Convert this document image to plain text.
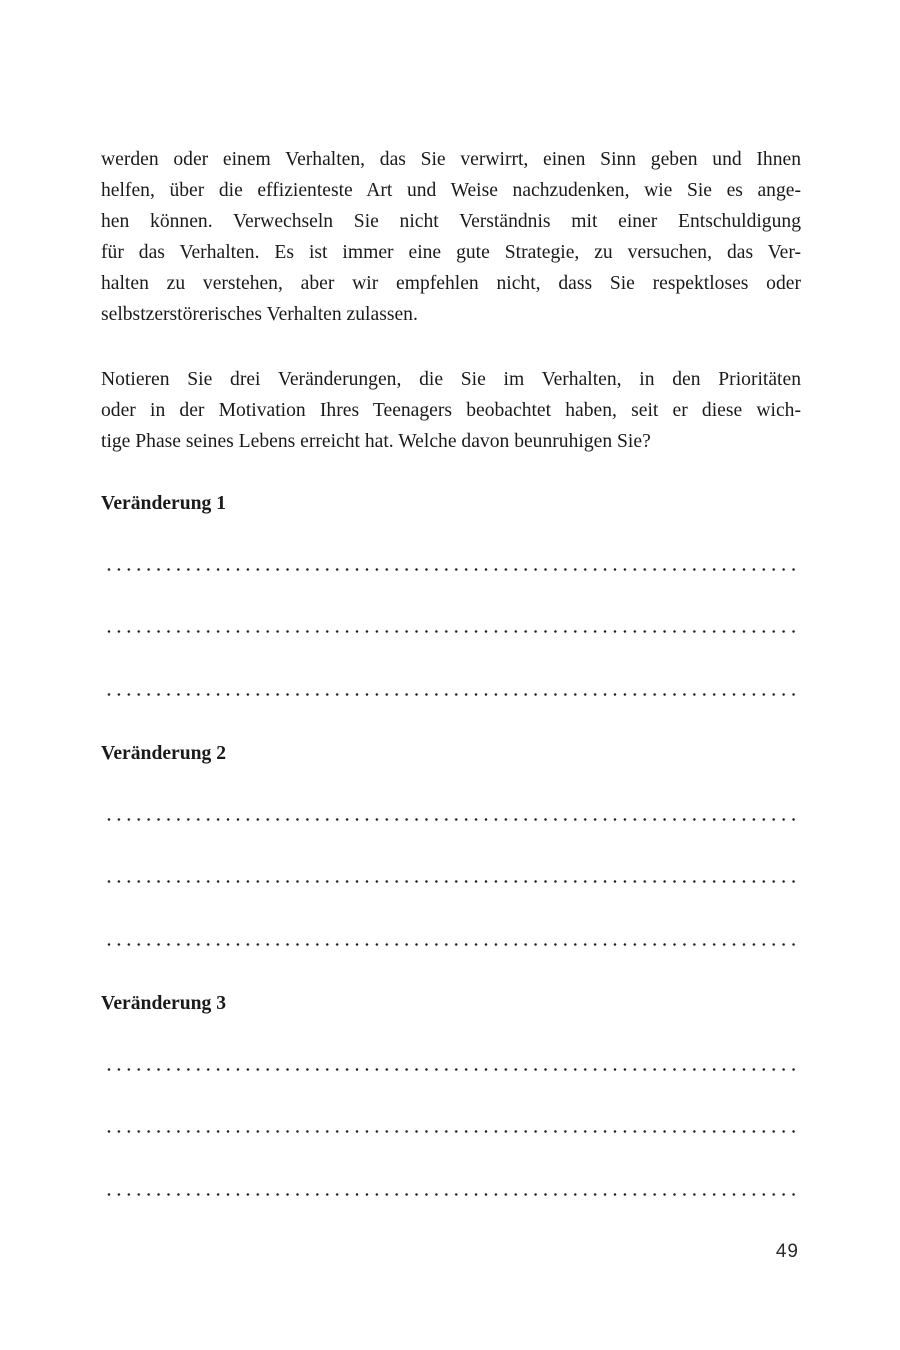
werden oder einem Verhalten, das Sie verwirrt, einen Sinn geben und Ihnen
helfen, über die effizienteste Art und Weise nachzudenken, wie Sie es ange-
hen können. Verwechseln Sie nicht Verständnis mit einer Entschuldigung
für das Verhalten. Es ist immer eine gute Strategie, zu versuchen, das Ver-
halten zu verstehen, aber wir empfehlen nicht, dass Sie respektloses oder
selbstzerstörerisches Verhalten zulassen.

Notieren Sie drei Veränderungen, die Sie im Verhalten, in den Prioritäten
oder in der Motivation Ihres Teenagers beobachtet haben, seit er diese wich-
tige Phase seines Lebens erreicht hat. Welche davon beunruhigen Sie?

Veränderung 1
Veränderung 2
Veränderung 3

49
